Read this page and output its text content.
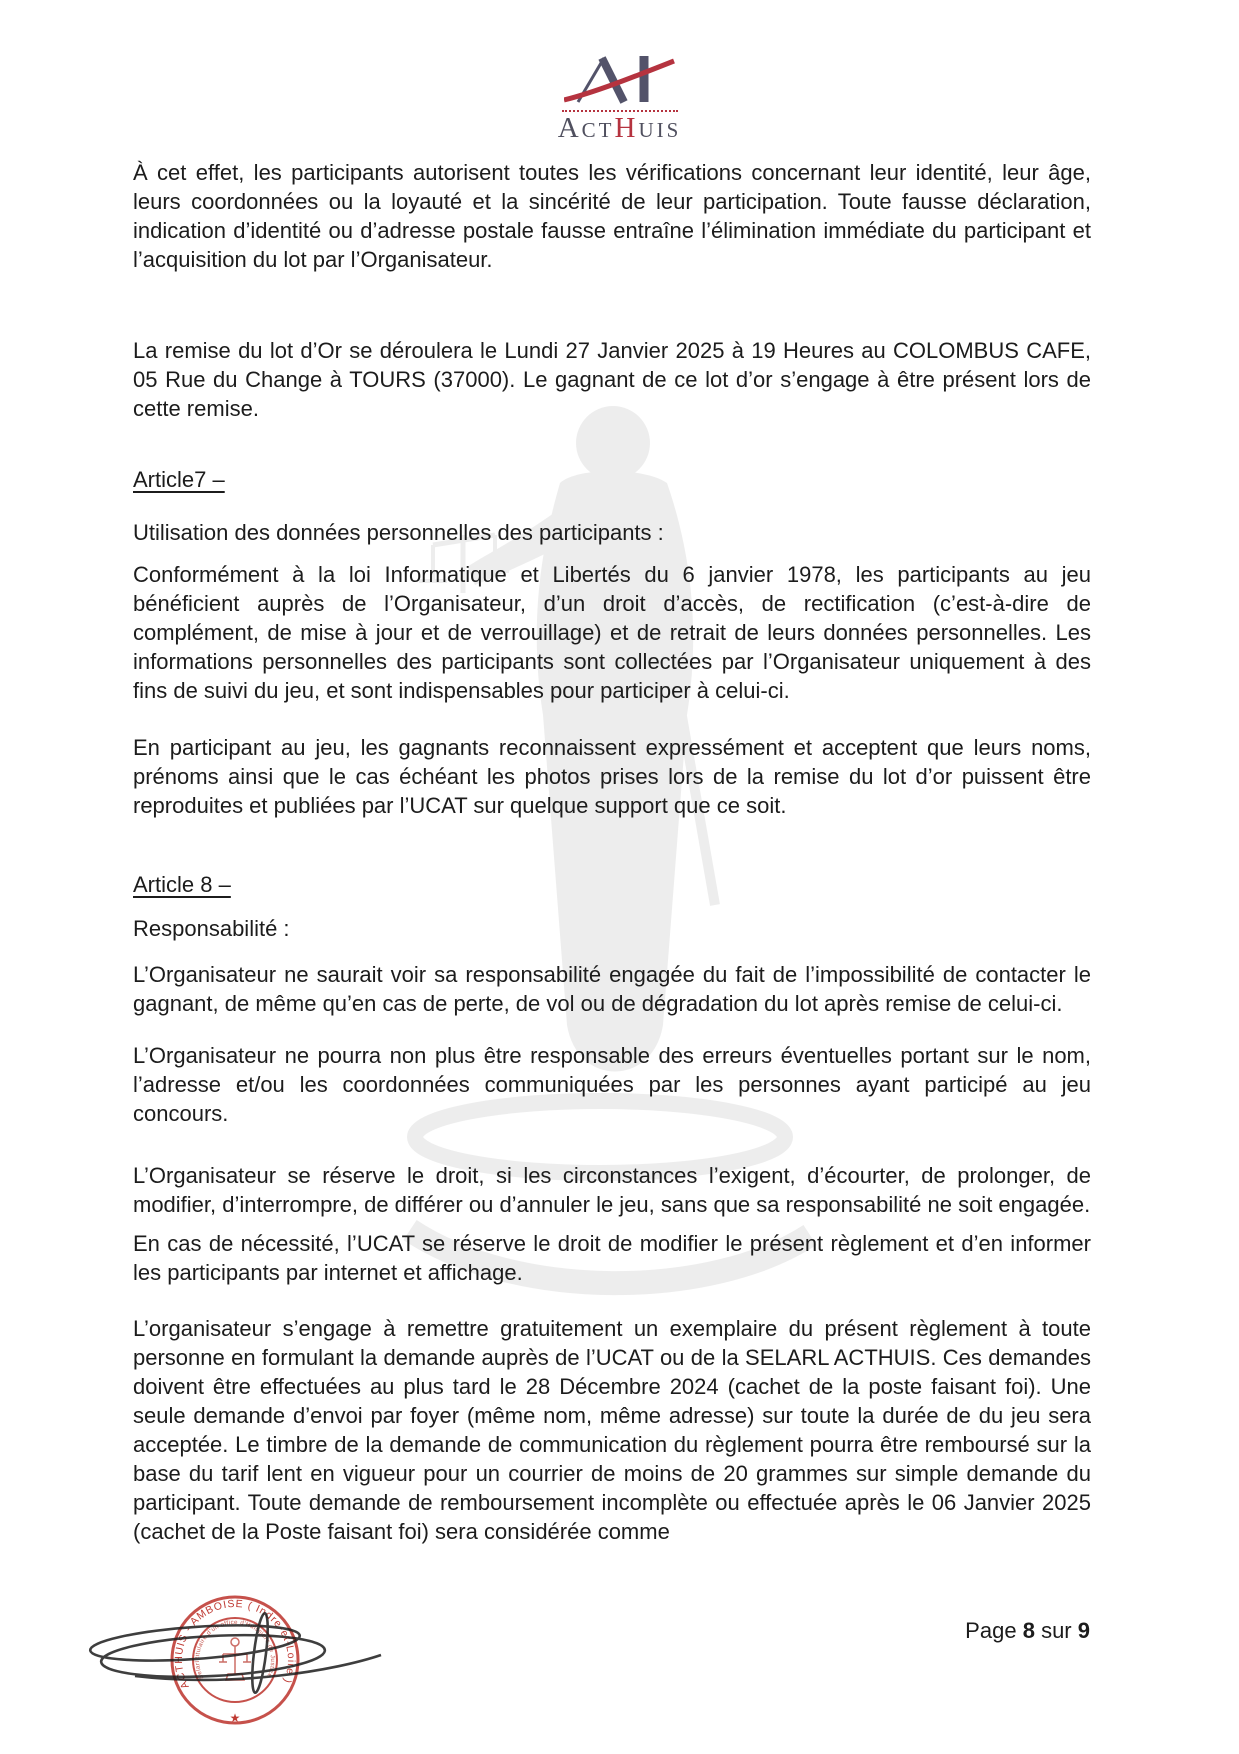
ACTHUIS

À cet effet, les participants autorisent toutes les vérifications concernant leur identité, leur âge, leurs coordonnées ou la loyauté et la sincérité de leur participation. Toute fausse déclaration, indication d’identité ou d’adresse postale fausse entraîne l’élimination immédiate du participant et l’acquisition du lot par l’Organisateur.

La remise du lot d’Or se déroulera le Lundi 27 Janvier 2025 à 19 Heures au COLOMBUS CAFE, 05 Rue du Change à TOURS (37000). Le gagnant de ce lot d’or s’engage à être présent lors de cette remise.

Article7 –

Utilisation des données personnelles des participants :

Conformément à la loi Informatique et Libertés du 6 janvier 1978, les participants au jeu bénéficient auprès de l’Organisateur, d’un droit d’accès, de rectification (c’est-à-dire de complément, de mise à jour et de verrouillage) et de retrait de leurs données personnelles. Les informations personnelles des participants sont collectées par l’Organisateur uniquement à des fins de suivi du jeu, et sont indispensables pour participer à celui-ci.

En participant au jeu, les gagnants reconnaissent expressément et acceptent que leurs noms, prénoms ainsi que le cas échéant les photos prises lors de la remise du lot d’or puissent être reproduites et publiées par l’UCAT sur quelque support que ce soit.

Article 8 –

Responsabilité :

L’Organisateur ne saurait voir sa responsabilité engagée du fait de l’impossibilité de contacter le gagnant, de même qu’en cas de perte, de vol ou de dégradation du lot après remise de celui-ci.

L’Organisateur ne pourra non plus être responsable des erreurs éventuelles portant sur le nom, l’adresse et/ou les coordonnées communiquées par les personnes ayant participé au jeu concours.

L’Organisateur se réserve le droit, si les circonstances l’exigent, d’écourter, de prolonger, de modifier, d’interrompre, de différer ou d’annuler le jeu, sans que sa responsabilité ne soit engagée.

En cas de nécessité, l’UCAT se réserve le droit de modifier le présent règlement et d’en informer les participants par internet et affichage.

L’organisateur s’engage à remettre gratuitement un exemplaire du présent règlement à toute personne en formulant la demande auprès de l’UCAT ou de la SELARL ACTHUIS. Ces demandes doivent être effectuées au plus tard le 28 Décembre 2024 (cachet de la poste faisant foi). Une seule demande d’envoi par foyer (même nom, même adresse) sur toute la durée de du jeu sera acceptée. Le timbre de la demande de communication du règlement pourra être remboursé sur la base du tarif lent en vigueur pour un courrier de moins de 20 grammes sur simple demande du participant. Toute demande de remboursement incomplète ou effectuée après le 06 Janvier 2025 (cachet de la Poste faisant foi) sera considérée comme

Page 8 sur 9
ACTHUIS - AMBOISE ( Indre-et-Loire )
Selarl titulaire d'un office d'Huissiers de Justice
★
